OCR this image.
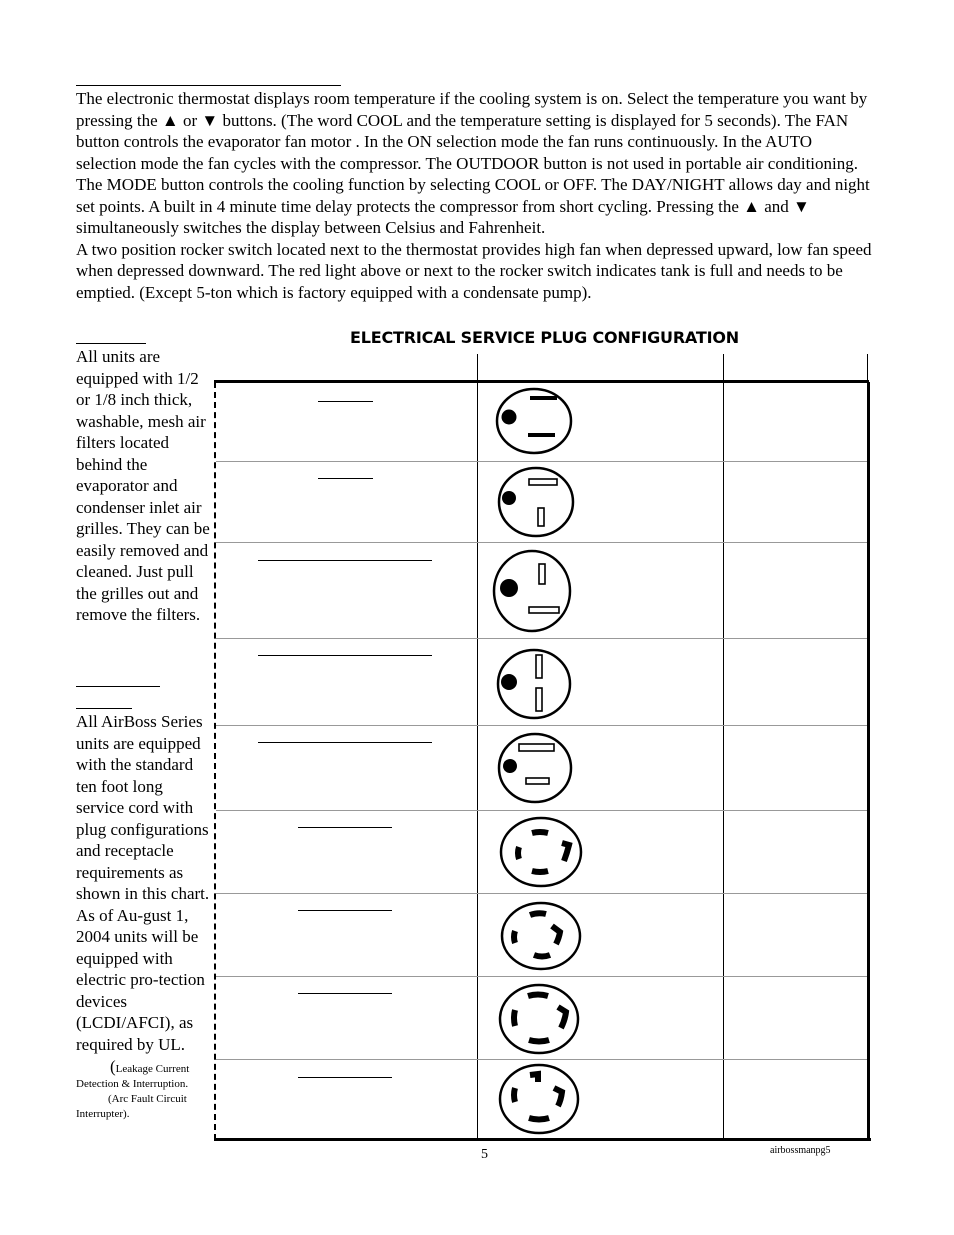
The electronic thermostat displays room temperature if the cooling system is on. Select the temperature you want by pressing the ▲ or ▼ buttons. (The word COOL and the temperature setting is displayed for 5 seconds). The FAN button controls the evaporator fan motor . In the ON selection mode the fan runs continuously. In the AUTO selection mode the fan cycles with the compressor. The OUTDOOR button is not used in portable air conditioning. The MODE button controls the cooling function by selecting COOL or OFF. The DAY/NIGHT allows day and night set points. A built in 4 minute time delay protects the compressor from short cycling. Pressing the ▲ and ▼ simultaneously switches the display between Celsius and Fahrenheit.

A two position rocker switch located next to the thermostat provides high fan when depressed upward, low fan speed when depressed downward. The red light above or next to the rocker switch indicates tank is full and needs to be emptied. (Except 5-ton which is factory equipped with a condensate pump).

All units are equipped with 1/2 or 1/8 inch thick, washable, mesh air filters located behind the evaporator and condenser inlet air grilles. They can be easily removed and cleaned. Just pull the grilles out and remove the filters.
All AirBoss Series units are equipped with the standard ten foot long service cord with plug configurations and receptacle requirements as shown in this chart. As of Au-gust 1, 2004 units will be equipped with electric pro-tection devices (LCDI/AFCI), as required by UL.
(Leakage Current Detection & Interruption.
(Arc Fault Circuit Interrupter).
ELECTRICAL SERVICE PLUG CONFIGURATION
5	airbossmanpg5
